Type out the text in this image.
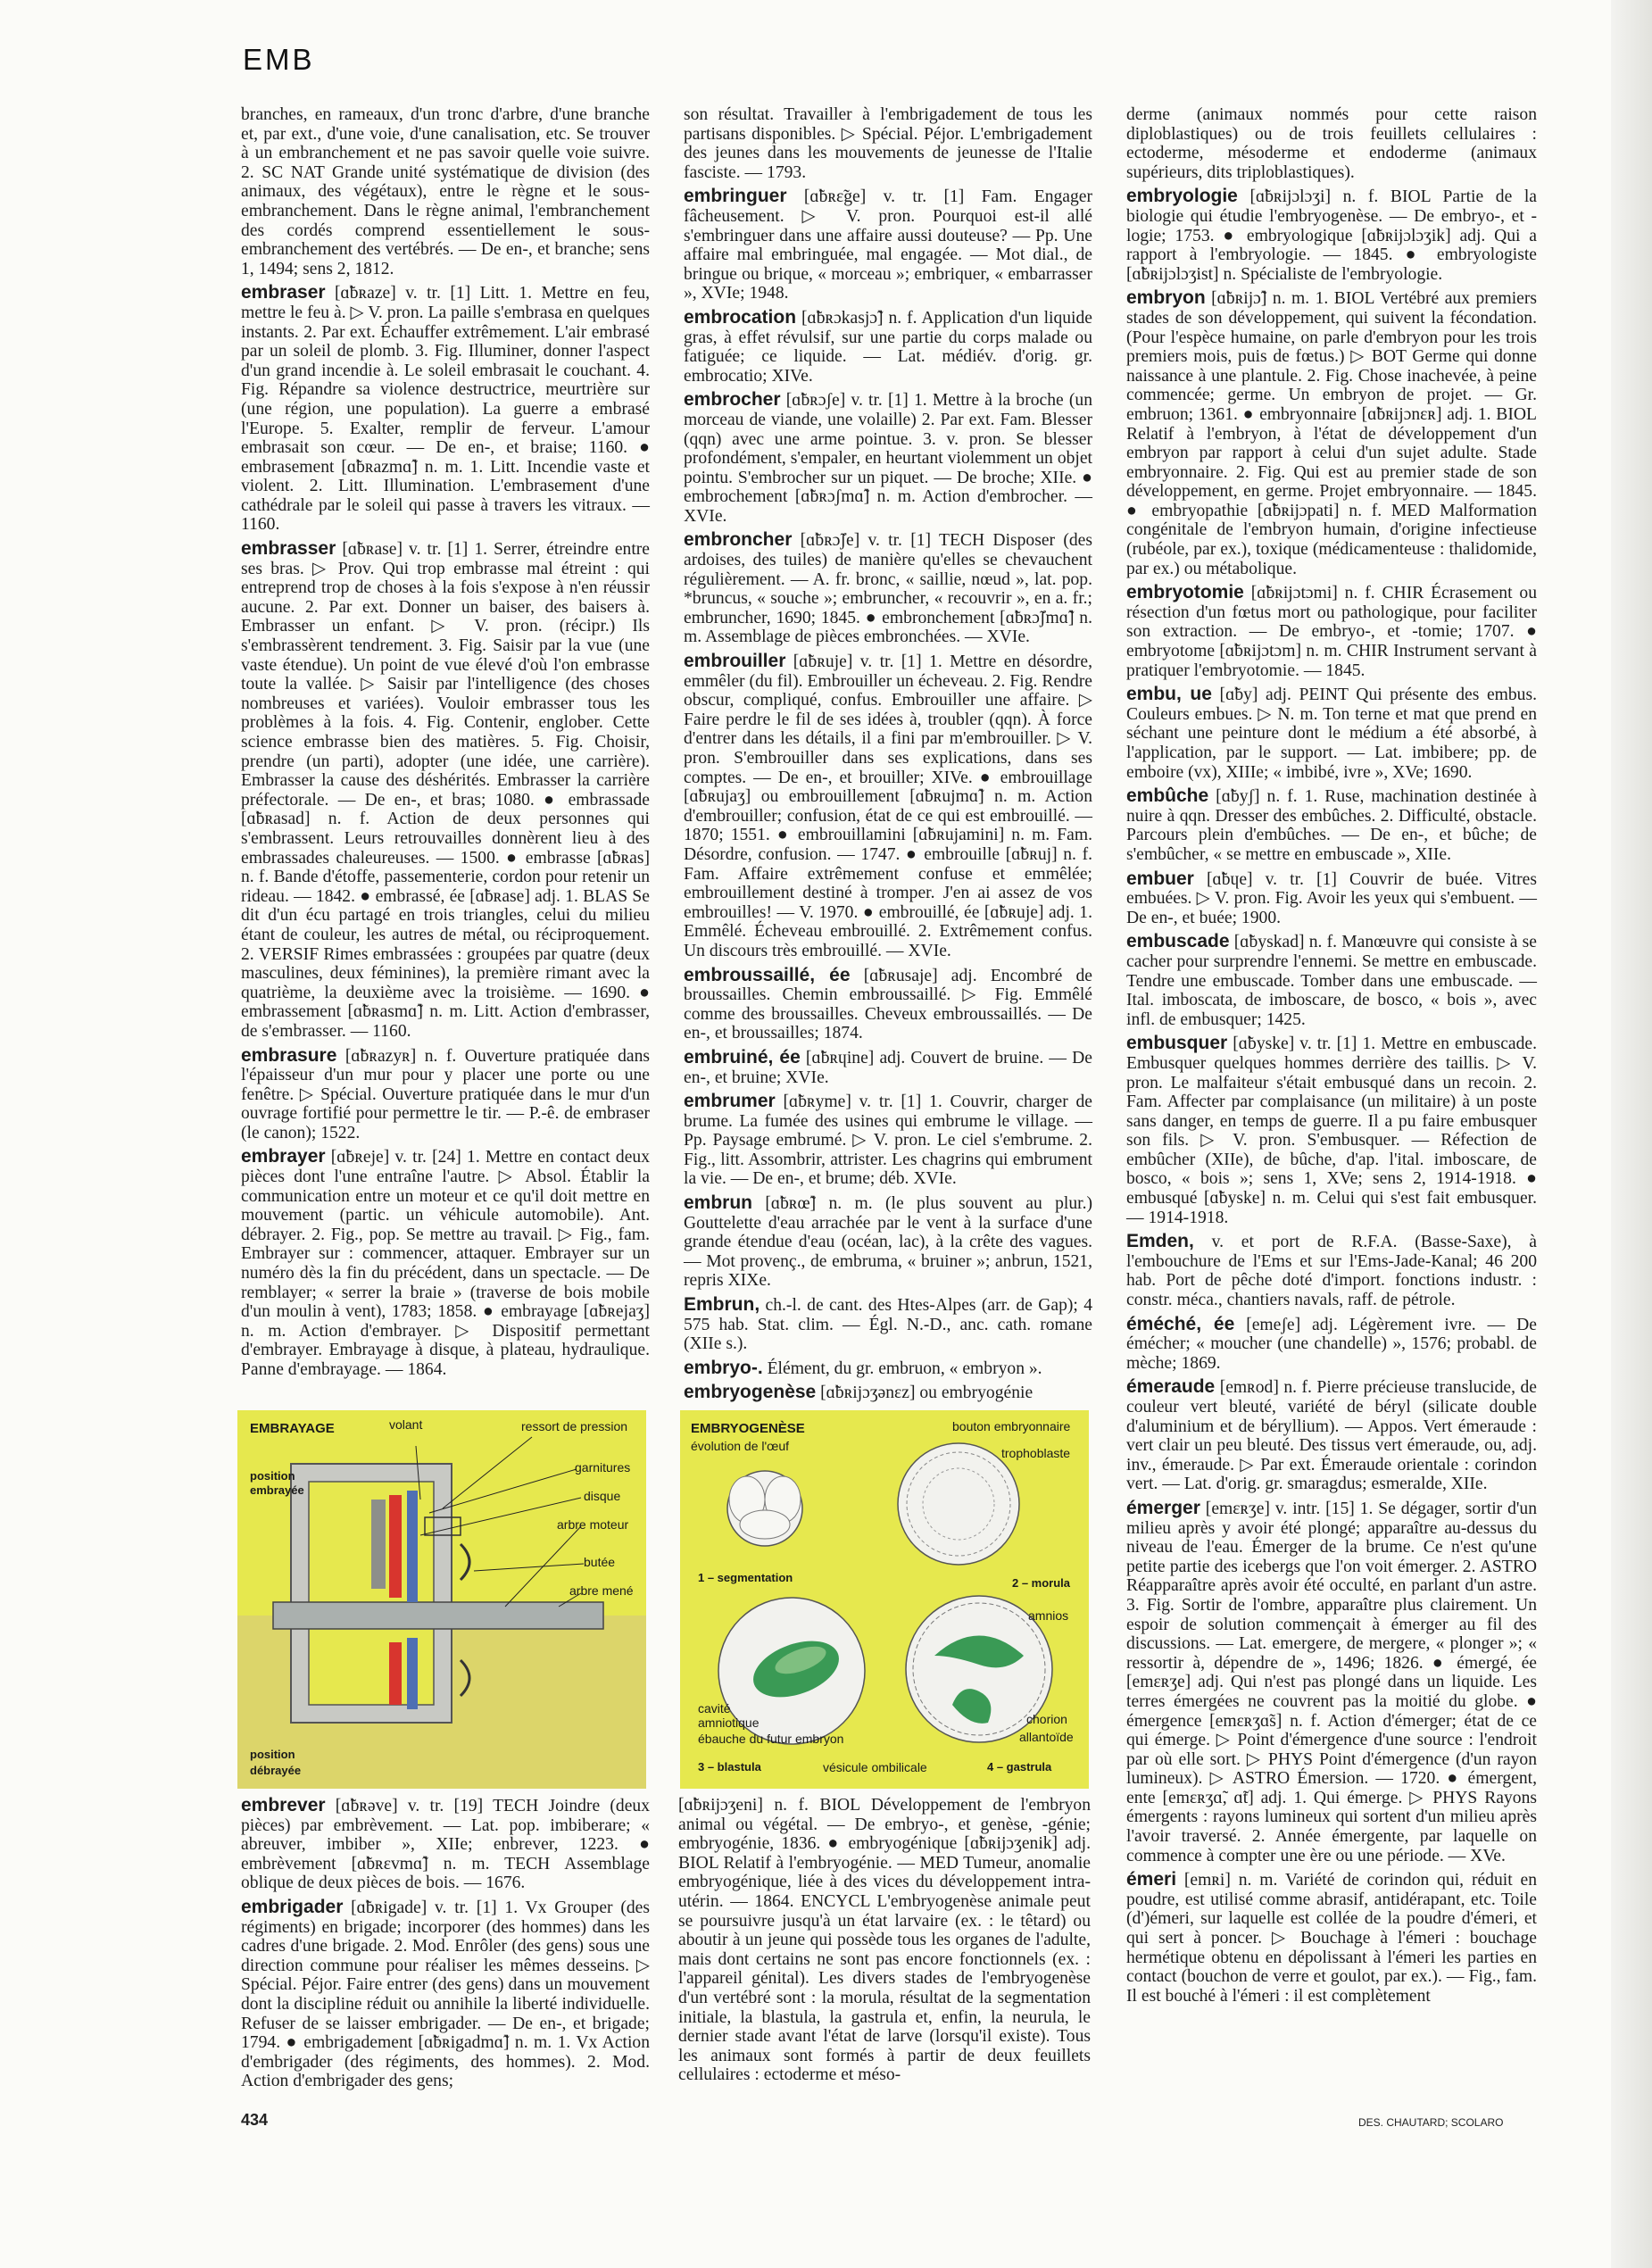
EMB

branches, en rameaux, d'un tronc d'arbre, d'une branche et, par ext., d'une voie, d'une canalisation, etc. Se trouver à un embranchement et ne pas savoir quelle voie suivre. 2. SC NAT Grande unité systématique de division (des animaux, des végétaux), entre le règne et le sous-embranchement. Dans le règne animal, l'embranchement des cordés comprend essentiellement le sous-embranchement des vertébrés. — De en-, et branche; sens 1, 1494; sens 2, 1812.

embraser [ɑ̃bʀaze] v. tr. [1] Litt. 1. Mettre en feu, mettre le feu à. ▷ V. pron. La paille s'embrasa en quelques instants. 2. Par ext. Échauffer extrêmement. L'air embrasé par un soleil de plomb. 3. Fig. Illuminer, donner l'aspect d'un grand incendie à. Le soleil embrasait le couchant. 4. Fig. Répandre sa violence destructrice, meurtrière sur (une région, une population). La guerre a embrasé l'Europe. 5. Exalter, remplir de ferveur. L'amour embrasait son cœur. — De en-, et braise; 1160. ● embrasement [ɑ̃bʀazmɑ̃] n. m. 1. Litt. Incendie vaste et violent. 2. Litt. Illumination. L'embrasement d'une cathédrale par le soleil qui passe à travers les vitraux. — 1160.

embrasser [ɑ̃bʀase] v. tr. [1] 1. Serrer, étreindre entre ses bras. ▷ Prov. Qui trop embrasse mal étreint : qui entreprend trop de choses à la fois s'expose à n'en réussir aucune. 2. Par ext. Donner un baiser, des baisers à. Embrasser un enfant. ▷ V. pron. (récipr.) Ils s'embrassèrent tendrement. 3. Fig. Saisir par la vue (une vaste étendue). Un point de vue élevé d'où l'on embrasse toute la vallée. ▷ Saisir par l'intelligence (des choses nombreuses et variées). Vouloir embrasser tous les problèmes à la fois. 4. Fig. Contenir, englober. Cette science embrasse bien des matières. 5. Fig. Choisir, prendre (un parti), adopter (une idée, une carrière). Embrasser la cause des déshérités. Embrasser la carrière préfectorale. — De en-, et bras; 1080. ● embrassade [ɑ̃bʀasad] n. f. Action de deux personnes qui s'embrassent. Leurs retrouvailles donnèrent lieu à des embrassades chaleureuses. — 1500. ● embrasse [ɑ̃bʀas] n. f. Bande d'étoffe, passementerie, cordon pour retenir un rideau. — 1842. ● embrassé, ée [ɑ̃bʀase] adj. 1. BLAS Se dit d'un écu partagé en trois triangles, celui du milieu étant de couleur, les autres de métal, ou réciproquement. 2. VERSIF Rimes embrassées : groupées par quatre (deux masculines, deux féminines), la première rimant avec la quatrième, la deuxième avec la troisième. — 1690. ● embrassement [ɑ̃bʀasmɑ̃] n. m. Litt. Action d'embrasser, de s'embrasser. — 1160.

embrasure [ɑ̃bʀazyʀ] n. f. Ouverture pratiquée dans l'épaisseur d'un mur pour y placer une porte ou une fenêtre. ▷ Spécial. Ouverture pratiquée dans le mur d'un ouvrage fortifié pour permettre le tir. — P.-ê. de embraser (le canon); 1522.

embrayer [ɑ̃bʀeje] v. tr. [24] 1. Mettre en contact deux pièces dont l'une entraîne l'autre. ▷ Absol. Établir la communication entre un moteur et ce qu'il doit mettre en mouvement (partic. un véhicule automobile). Ant. débrayer. 2. Fig., pop. Se mettre au travail. ▷ Fig., fam. Embrayer sur : commencer, attaquer. Embrayer sur un numéro dès la fin du précédent, dans un spectacle. — De remblayer; « serrer la braie » (traverse de bois mobile d'un moulin à vent), 1783; 1858. ● embrayage [ɑ̃bʀejaʒ] n. m. Action d'embrayer. ▷ Dispositif permettant d'embrayer. Embrayage à disque, à plateau, hydraulique. Panne d'embrayage. — 1864.

son résultat. Travailler à l'embrigadement de tous les partisans disponibles. ▷ Spécial. Péjor. L'embrigadement des jeunes dans les mouvements de jeunesse de l'Italie fasciste. — 1793.

embringuer [ɑ̃bʀɛ̃ge] v. tr. [1] Fam. Engager fâcheusement. ▷ V. pron. Pourquoi est-il allé s'embringuer dans une affaire aussi douteuse? — Pp. Une affaire mal embringuée, mal engagée. — Mot dial., de bringue ou brique, « morceau »; embriquer, « embarrasser », XVIe; 1948.

embrocation [ɑ̃bʀɔkasjɔ̃] n. f. Application d'un liquide gras, à effet révulsif, sur une partie du corps malade ou fatiguée; ce liquide. — Lat. médiév. d'orig. gr. embrocatio; XIVe.

embrocher [ɑ̃bʀɔʃe] v. tr. [1] 1. Mettre à la broche (un morceau de viande, une volaille) 2. Par ext. Fam. Blesser (qqn) avec une arme pointue. 3. v. pron. Se blesser profondément, s'empaler, en heurtant violemment un objet pointu. S'embrocher sur un piquet. — De broche; XIIe. ● embrochement [ɑ̃bʀɔʃmɑ̃] n. m. Action d'embrocher. — XVIe.

embroncher [ɑ̃bʀɔ̃ʃe] v. tr. [1] TECH Disposer (des ardoises, des tuiles) de manière qu'elles se chevauchent régulièrement. — A. fr. bronc, « saillie, nœud », lat. pop. *bruncus, « souche »; embruncher, « recouvrir », en a. fr.; embruncher, 1690; 1845. ● embronchement [ɑ̃bʀɔ̃ʃmɑ̃] n. m. Assemblage de pièces embronchées. — XVIe.

embrouiller [ɑ̃bʀuje] v. tr. [1] 1. Mettre en désordre, emmêler (du fil). Embrouiller un écheveau. 2. Fig. Rendre obscur, compliqué, confus. Embrouiller une affaire. ▷ Faire perdre le fil de ses idées à, troubler (qqn). À force d'entrer dans les détails, il a fini par m'embrouiller. ▷ V. pron. S'embrouiller dans ses explications, dans ses comptes. — De en-, et brouiller; XIVe. ● embrouillage [ɑ̃bʀujaʒ] ou embrouillement [ɑ̃bʀujmɑ̃] n. m. Action d'embrouiller; confusion, état de ce qui est embrouillé. — 1870; 1551. ● embrouillamini [ɑ̃bʀujamini] n. m. Fam. Désordre, confusion. — 1747. ● embrouille [ɑ̃bʀuj] n. f. Fam. Affaire extrêmement confuse et emmêlée; embrouillement destiné à tromper. J'en ai assez de vos embrouilles! — V. 1970. ● embrouillé, ée [ɑ̃bʀuje] adj. 1. Emmêlé. Écheveau embrouillé. 2. Extrêmement confus. Un discours très embrouillé. — XVIe.

embroussaillé, ée [ɑ̃bʀusaje] adj. Encombré de broussailles. Chemin embroussaillé. ▷ Fig. Emmêlé comme des broussailles. Cheveux embroussaillés. — De en-, et broussailles; 1874.

embruiné, ée [ɑ̃bʀɥine] adj. Couvert de bruine. — De en-, et bruine; XVIe.

embrumer [ɑ̃bʀyme] v. tr. [1] 1. Couvrir, charger de brume. La fumée des usines qui embrume le village. — Pp. Paysage embrumé. ▷ V. pron. Le ciel s'embrume. 2. Fig., litt. Assombrir, attrister. Les chagrins qui embrument la vie. — De en-, et brume; déb. XVIe.

embrun [ɑ̃bʀœ̃] n. m. (le plus souvent au plur.) Gouttelette d'eau arrachée par le vent à la surface d'une grande étendue d'eau (océan, lac), à la crête des vagues. — Mot provenç., de embruma, « bruiner »; anbrun, 1521, repris XIXe.

Embrun, ch.-l. de cant. des Htes-Alpes (arr. de Gap); 4 575 hab. Stat. clim. — Égl. N.-D., anc. cath. romane (XIIe s.).

embryo-. Élément, du gr. embruon, « embryon ».

embryogenèse [ɑ̃bʀijɔʒənɛz] ou embryogénie

derme (animaux nommés pour cette raison diploblastiques) ou de trois feuillets cellulaires : ectoderme, mésoderme et endoderme (animaux supérieurs, dits triploblastiques).

embryologie [ɑ̃bʀijɔlɔʒi] n. f. BIOL Partie de la biologie qui étudie l'embryogenèse. — De embryo-, et -logie; 1753. ● embryologique [ɑ̃bʀijɔlɔʒik] adj. Qui a rapport à l'embryologie. — 1845. ● embryologiste [ɑ̃bʀijɔlɔʒist] n. Spécialiste de l'embryologie.

embryon [ɑ̃bʀijɔ̃] n. m. 1. BIOL Vertébré aux premiers stades de son développement, qui suivent la fécondation. (Pour l'espèce humaine, on parle d'embryon pour les trois premiers mois, puis de fœtus.) ▷ BOT Germe qui donne naissance à une plantule. 2. Fig. Chose inachevée, à peine commencée; germe. Un embryon de projet. — Gr. embruon; 1361. ● embryonnaire [ɑ̃bʀijɔnɛʀ] adj. 1. BIOL Relatif à l'embryon, à l'état de développement d'un embryon par rapport à celui d'un sujet adulte. Stade embryonnaire. 2. Fig. Qui est au premier stade de son développement, en germe. Projet embryonnaire. — 1845. ● embryopathie [ɑ̃bʀijɔpati] n. f. MED Malformation congénitale de l'embryon humain, d'origine infectieuse (rubéole, par ex.), toxique (médicamenteuse : thalidomide, par ex.) ou métabolique.

embryotomie [ɑ̃bʀijɔtɔmi] n. f. CHIR Écrasement ou résection d'un fœtus mort ou pathologique, pour faciliter son extraction. — De embryo-, et -tomie; 1707. ● embryotome [ɑ̃bʀijɔtɔm] n. m. CHIR Instrument servant à pratiquer l'embryotomie. — 1845.

embu, ue [ɑ̃by] adj. PEINT Qui présente des embus. Couleurs embues. ▷ N. m. Ton terne et mat que prend en séchant une peinture dont le médium a été absorbé, à l'application, par le support. — Lat. imbibere; pp. de emboire (vx), XIIIe; « imbibé, ivre », XVe; 1690.

embûche [ɑ̃byʃ] n. f. 1. Ruse, machination destinée à nuire à qqn. Dresser des embûches. 2. Difficulté, obstacle. Parcours plein d'embûches. — De en-, et bûche; de s'embûcher, « se mettre en embuscade », XIIe.

embuer [ɑ̃bɥe] v. tr. [1] Couvrir de buée. Vitres embuées. ▷ V. pron. Fig. Avoir les yeux qui s'embuent. — De en-, et buée; 1900.

embuscade [ɑ̃byskad] n. f. Manœuvre qui consiste à se cacher pour surprendre l'ennemi. Se mettre en embuscade. Tendre une embuscade. Tomber dans une embuscade. — Ital. imboscata, de imboscare, de bosco, « bois », avec infl. de embusquer; 1425.

embusquer [ɑ̃byske] v. tr. [1] 1. Mettre en embuscade. Embusquer quelques hommes derrière des taillis. ▷ V. pron. Le malfaiteur s'était embusqué dans un recoin. 2. Fam. Affecter par complaisance (un militaire) à un poste sans danger, en temps de guerre. Il a pu faire embusquer son fils. ▷ V. pron. S'embusquer. — Réfection de embûcher (XIIe), de bûche, d'ap. l'ital. imboscare, de bosco, « bois »; sens 1, XVe; sens 2, 1914-1918. ● embusqué [ɑ̃byske] n. m. Celui qui s'est fait embusquer. — 1914-1918.

Emden, v. et port de R.F.A. (Basse-Saxe), à l'embouchure de l'Ems et sur l'Ems-Jade-Kanal; 46 200 hab. Port de pêche doté d'import. fonctions industr. : constr. méca., chantiers navals, raff. de pétrole.

éméché, ée [emeʃe] adj. Légèrement ivre. — De émécher; « moucher (une chandelle) », 1576; probabl. de mèche; 1869.

émeraude [emʀod] n. f. Pierre précieuse translucide, de couleur vert bleuté, variété de béryl (silicate double d'aluminium et de béryllium). — Appos. Vert émeraude : vert clair un peu bleuté. Des tissus vert émeraude, ou, adj. inv., émeraude. ▷ Par ext. Émeraude orientale : corindon vert. — Lat. d'orig. gr. smaragdus; esmeralde, XIIe.

émerger [emɛʀʒe] v. intr. [15] 1. Se dégager, sortir d'un milieu après y avoir été plongé; apparaître au-dessus du niveau de l'eau. Émerger de la brume. Ce n'est qu'une petite partie des icebergs que l'on voit émerger. 2. ASTRO Réapparaître après avoir été occulté, en parlant d'un astre. 3. Fig. Sortir de l'ombre, apparaître plus clairement. Un espoir de solution commençait à émerger au fil des discussions. — Lat. emergere, de mergere, « plonger »; « ressortir à, dépendre de », 1496; 1826. ● émergé, ée [emɛʀʒe] adj. Qui n'est pas plongé dans un liquide. Les terres émergées ne couvrent pas la moitié du globe. ● émergence [emɛʀʒɑ̃s] n. f. Action d'émerger; état de ce qui émerge. ▷ Point d'émergence d'une source : l'endroit par où elle sort. ▷ PHYS Point d'émergence (d'un rayon lumineux). ▷ ASTRO Émersion. — 1720. ● émergent, ente [emɛʀʒɑ̃, ɑ̃t] adj. 1. Qui émerge. ▷ PHYS Rayons émergents : rayons lumineux qui sortent d'un milieu après l'avoir traversé. 2. Année émergente, par laquelle on commence à compter une ère ou une période. — XVe.

émeri [emʀi] n. m. Variété de corindon qui, réduit en poudre, est utilisé comme abrasif, antidérapant, etc. Toile (d')émeri, sur laquelle est collée de la poudre d'émeri, et qui sert à poncer. ▷ Bouchage à l'émeri : bouchage hermétique obtenu en dépolissant à l'émeri les parties en contact (bouchon de verre et goulot, par ex.). — Fig., fam. Il est bouché à l'émeri : il est complètement

embrever [ɑ̃bʀəve] v. tr. [19] TECH Joindre (deux pièces) par embrèvement. — Lat. pop. imbiberare; « abreuver, imbiber », XIIe; enbrever, 1223. ● embrèvement [ɑ̃bʀɛvmɑ̃] n. m. TECH Assemblage oblique de deux pièces de bois. — 1676.

embrigader [ɑ̃bʀigade] v. tr. [1] 1. Vx Grouper (des régiments) en brigade; incorporer (des hommes) dans les cadres d'une brigade. 2. Mod. Enrôler (des gens) sous une direction commune pour réaliser les mêmes desseins. ▷ Spécial. Péjor. Faire entrer (des gens) dans un mouvement dont la discipline réduit ou annihile la liberté individuelle. Refuser de se laisser embrigader. — De en-, et brigade; 1794. ● embrigadement [ɑ̃bʀigadmɑ̃] n. m. 1. Vx Action d'embrigader (des régiments, des hommes). 2. Mod. Action d'embrigader des gens;

[ɑ̃bʀijɔʒeni] n. f. BIOL Développement de l'embryon animal ou végétal. — De embryo-, et genèse, -génie; embryogénie, 1836. ● embryogénique [ɑ̃bʀijɔʒenik] adj. BIOL Relatif à l'embryogénie. — MED Tumeur, anomalie embryogénique, liée à des vices du développement intra-utérin. — 1864. ENCYCL L'embryogenèse animale peut se poursuivre jusqu'à un état larvaire (ex. : le têtard) ou aboutir à un jeune qui possède tous les organes de l'adulte, mais dont certains ne sont pas encore fonctionnels (ex. : l'appareil génital). Les divers stades de l'embryogenèse d'un vertébré sont : la morula, résultat de la segmentation initiale, la blastula, la gastrula et, enfin, la neurula, le dernier stade avant l'état de larve (lorsqu'il existe). Tous les animaux sont formés à partir de deux feuillets cellulaires : ectoderme et méso-

EMBRAYAGE	volant	ressort de pression
garnitures
disque
arbre moteur
butée
arbre mené
position
embrayée
position
débrayée
EMBRYOGENÈSE
évolution de l'œuf
bouton embryonnaire
trophoblaste
1 – segmentation	2 – morula
amnios
cavité
amniotique
ébauche du futur embryon
chorion
allantoïde
3 – blastula	vésicule ombilicale	4 – gastrula
434	DES. CHAUTARD; SCOLARO
